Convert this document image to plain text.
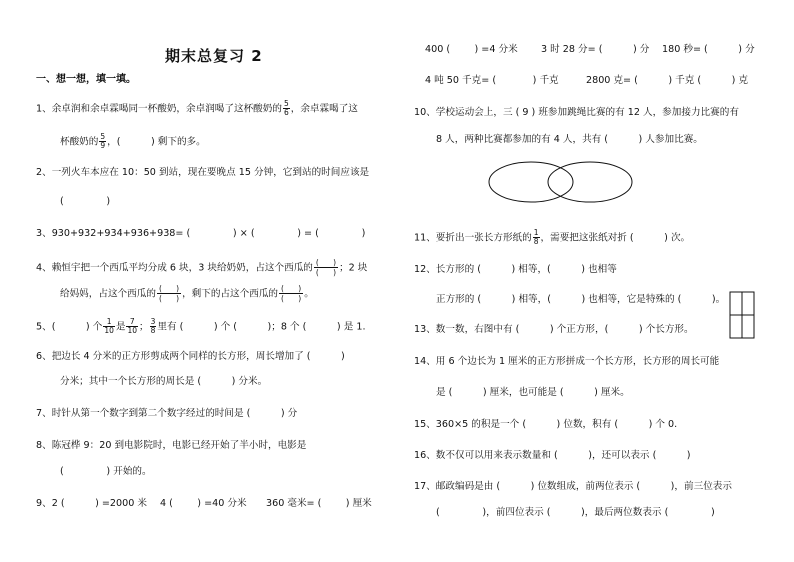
期末总复习 2
一、想一想，填一填。
1、余卓润和余卓霖喝同一杯酸奶，余卓润喝了这杯酸奶的 $\frac{5}{6}$ ，余卓霖喝了这
杯酸奶的 $\frac{5}{9}$ ，(          ) 剩下的多。
2、一列火车本应在 10：50 到站，现在要晚点 15 分钟，它到站的时间应该是
(              )
3、930+932+934+936+938= (              ) × (              ) = (              )
4、赖恒宇把一个西瓜平均分成 6 块，3 块给奶奶，占这个西瓜的 (      )
(      ) ；2 块
给妈妈，占这个西瓜的 (      )
(      ) ，剩下的占这个西瓜的 (      )
(      ) 。
5、(          ) 个 $\frac{1}{10}$ 是 $\frac{7}{10}$ ； $\frac{3}{8}$ 里有 (          ) 个 (          )；8 个 (          ) 是 1.
6、把边长 4 分米的正方形剪成两个同样的长方形，周长增加了 (          )
分米；其中一个长方形的周长是 (          ) 分米。
7、时针从第一个数字到第二个数字经过的时间是 (          ) 分
8、陈冠桦 9：20 到电影院时，电影已经开始了半小时，电影是
(              ) 开始的。
9、2 (          ) =2000 米 4 (        ) =40 分米 360 毫米= (        ) 厘米
400 (        ) =4 分米 3 时 28 分= (          ) 分 180 秒= (          ) 分
4 吨 50 千克= (            ) 千克	2800 克= (          ) 千克 (          ) 克
10、学校运动会上，三 ( 9 ) 班参加跳绳比赛的有 12 人，参加接力比赛的有
8 人，两种比赛都参加的有 4 人，共有 (          ) 人参加比赛。
11、要折出一张长方形纸的 $\frac{1}{8}$ ，需要把这张纸对折 (          ) 次。
12、长方形的 (          ) 相等，(          ) 也相等
正方形的 (          ) 相等，(          ) 也相等，它是特殊的 (          )。
13、数一数，右图中有 (          ) 个正方形，(          ) 个长方形。
14、用 6 个边长为 1 厘米的正方形拼成一个长方形，长方形的周长可能
是 (          ) 厘米，也可能是 (          ) 厘米。
15、360×5 的积是一个 (          ) 位数，积有 (          ) 个 0.
16、数不仅可以用来表示数量和 (          )，还可以表示 (          )
17、邮政编码是由 (          ) 位数组成，前两位表示 (          )，前三位表示
(              )，前四位表示 (          )，最后两位数表示 (              )
